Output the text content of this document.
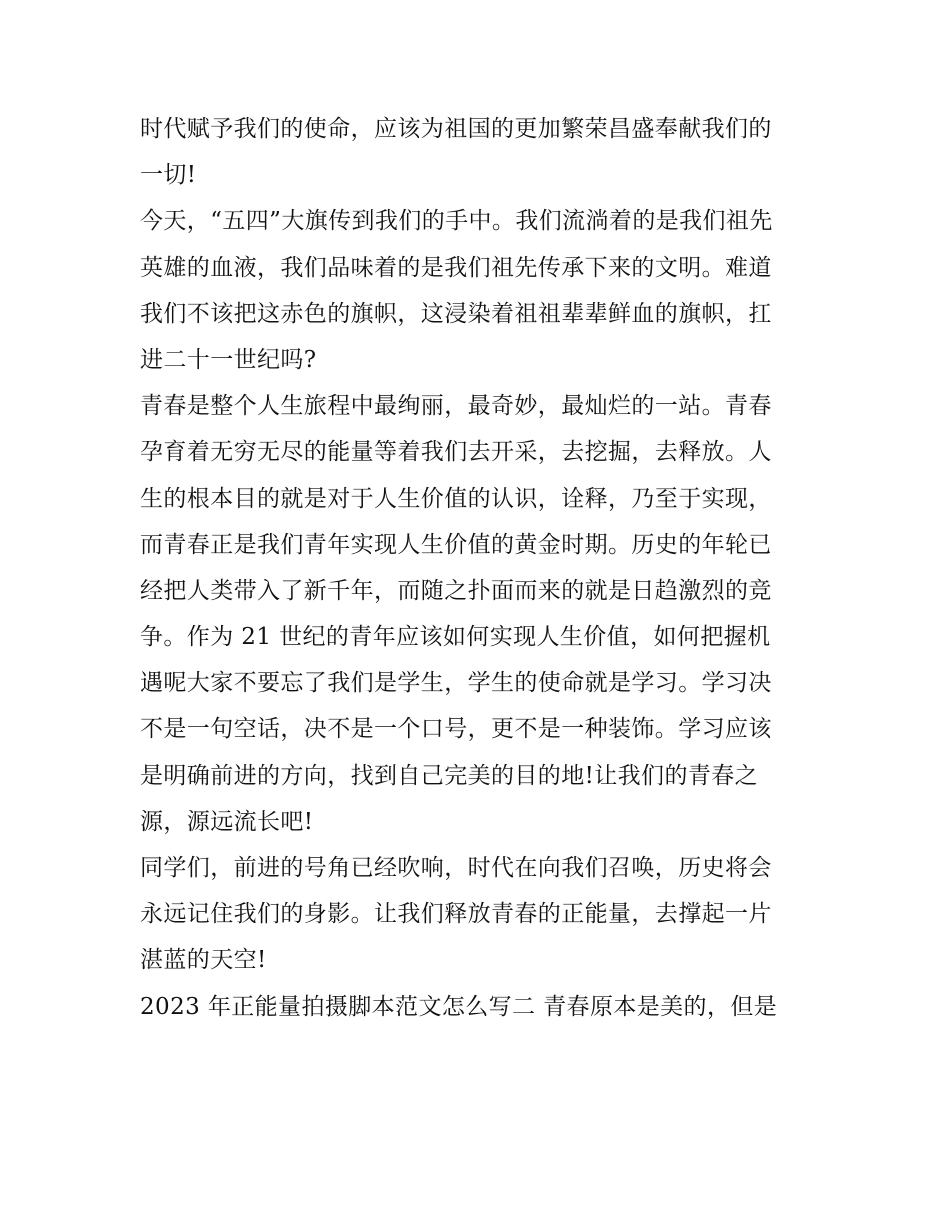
时代赋予我们的使命，应该为祖国的更加繁荣昌盛奉献我们的
一切!
今天，“五四”大旗传到我们的手中。我们流淌着的是我们祖先
英雄的血液，我们品味着的是我们祖先传承下来的文明。难道
我们不该把这赤色的旗帜，这浸染着祖祖辈辈鲜血的旗帜，扛
进二十一世纪吗?
青春是整个人生旅程中最绚丽，最奇妙，最灿烂的一站。青春
孕育着无穷无尽的能量等着我们去开采，去挖掘，去释放。人
生的根本目的就是对于人生价值的认识，诠释，乃至于实现，
而青春正是我们青年实现人生价值的黄金时期。历史的年轮已
经把人类带入了新千年，而随之扑面而来的就是日趋激烈的竞
争。作为 21 世纪的青年应该如何实现人生价值，如何把握机
遇呢大家不要忘了我们是学生，学生的使命就是学习。学习决
不是一句空话，决不是一个口号，更不是一种装饰。学习应该
是明确前进的方向，找到自己完美的目的地!让我们的青春之
源，源远流长吧!
同学们，前进的号角已经吹响，时代在向我们召唤，历史将会
永远记住我们的身影。让我们释放青春的正能量，去撑起一片
湛蓝的天空!
2023 年正能量拍摄脚本范文怎么写二 青春原本是美的，但是
